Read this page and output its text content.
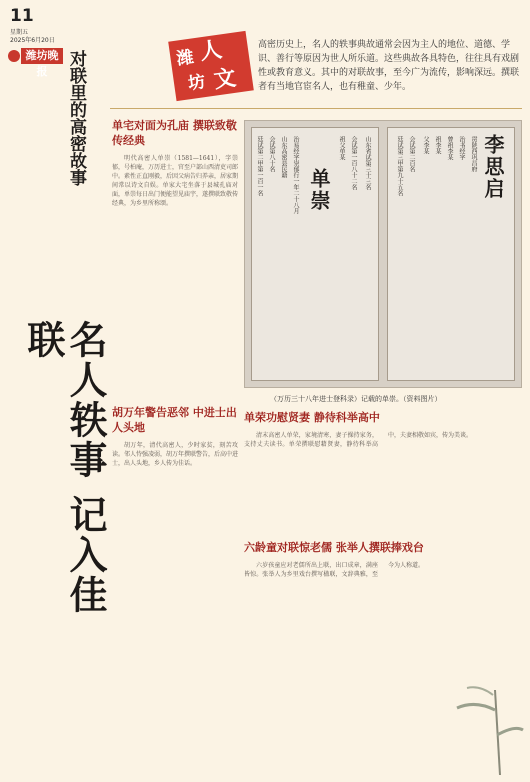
11
星期五
2025年6月20日
潍坊晚报	对联里的高密故事
名人轶事 记入佳联
潍 人
坊 文
高密历史上，名人的轶事典故通常会因为主人的地位、道德、学识、善行等原因为世人所乐道。这些典故各具特色，往往具有戏剧性或教育意义。其中的对联故事，至今广为流传，影响深远。撰联者有当地官宦名人，也有稚童、少年。
单宅对面为孔庙 撰联致敬传经典
明代高密人单崇（1581—1641），字崇郁，号柏庵，万历进士，官至户部山西清吏司郎中。素性正直刚毅，后因父病告归养亲，居家期间常以诗文自娱。单家大宅坐落于县城孔庙对面，单崇每日出门便能望见庙宇，遂撰联致敬传经典，为乡里所称颂。
胡万年警告恶邻 中进士出人头地
胡万年，清代高密人，少时家贫，刻苦攻读。邻人恃强凌弱，胡万年撰联警告，后高中进士，出人头地，乡人传为佳话。
单崇	山东省试第三十三名
会试第一百八十二名
祖父单某
治易经字崇郁行一年二十八月
山东高密县民籍
会试第八十名
廷试第二甲第一百一名	李思启
贯陕西巩昌府
治书经字
曾祖李某
祖李某
父李某
会试第二百名
廷试第三甲第九十五名
（万历三十八年进士登科录）记载的单崇。（资料图片）
单荣功慰贤妻 静待科举高中
清末高密人单荣，家境清寒，妻子操持家务，支持丈夫读书。单荣撰联慰藉贤妻，静待科举高中，夫妻相敬如宾，传为美谈。
六龄童对联惊老儒 张举人撰联捧戏台
六岁孩童应对老儒所出上联，出口成章，满座皆惊。张举人为乡里戏台撰写楹联，文辞典雅，至今为人称道。
